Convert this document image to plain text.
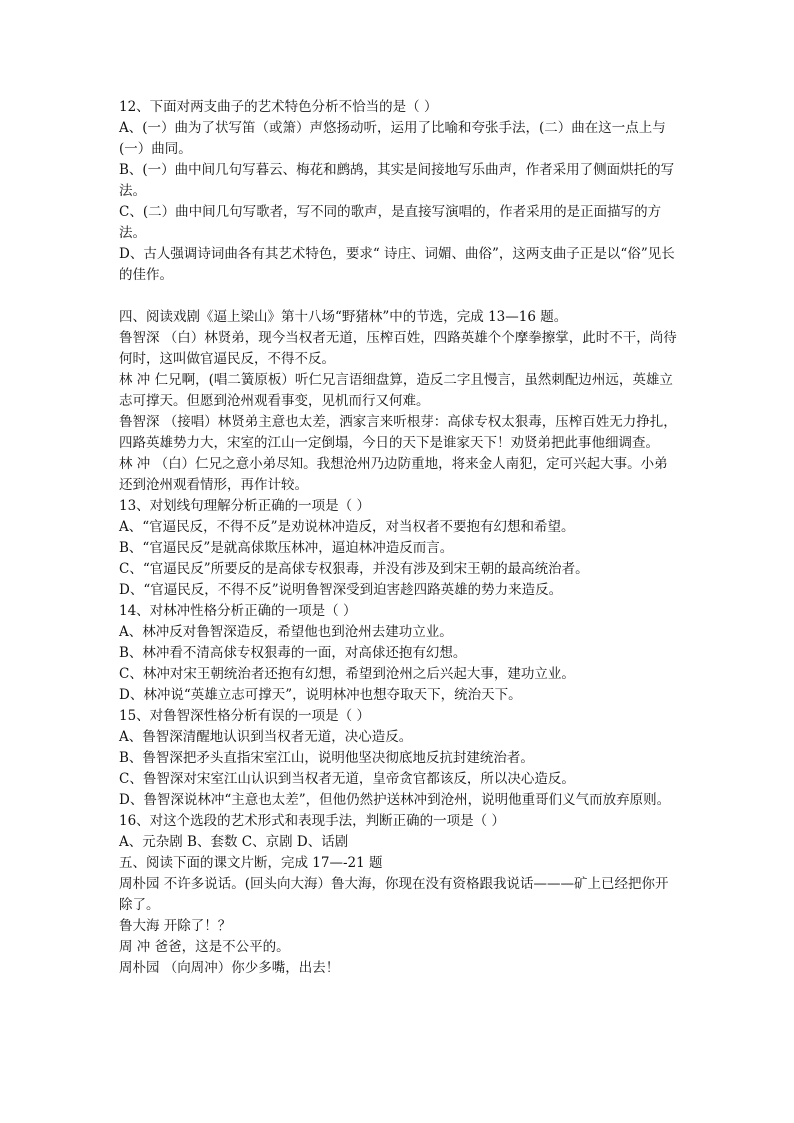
12、下面对两支曲子的艺术特色分析不恰当的是（ ）

A、(一）曲为了状写笛（或箫）声悠扬动听，运用了比喻和夸张手法，(二）曲在这一点上与(一）曲同。

B、(一）曲中间几句写暮云、梅花和鹧鸪，其实是间接地写乐曲声，作者采用了侧面烘托的写法。

C、(二）曲中间几句写歌者，写不同的歌声，是直接写演唱的，作者采用的是正面描写的方法。

D、古人强调诗词曲各有其艺术特色，要求“ 诗庄、词媚、曲俗”，这两支曲子正是以“俗”见长的佳作。

四、阅读戏剧《逼上梁山》第十八场“野猪林”中的节选，完成 13—16 题。

鲁智深 （白）林贤弟，现今当权者无道，压榨百姓，四路英雄个个摩拳擦掌，此时不干，尚待何时，这叫做官逼民反，不得不反。

林 冲 仁兄啊，(唱二簧原板）听仁兄言语细盘算，造反二字且慢言，虽然刺配边州远，英雄立志可撑天。但愿到沧州观看事变，见机而行又何难。

鲁智深 （接唱）林贤弟主意也太差，洒家言来听根芽：高俅专权太狠毒，压榨百姓无力挣扎，四路英雄势力大，宋室的江山一定倒塌，今日的天下是谁家天下！劝贤弟把此事他细调查。

林 冲 （白）仁兄之意小弟尽知。我想沧州乃边防重地，将来金人南犯，定可兴起大事。小弟还到沧州观看情形，再作计较。

13、对划线句理解分析正确的一项是（ ）

A、“官逼民反，不得不反”是劝说林冲造反，对当权者不要抱有幻想和希望。

B、“官逼民反”是就高俅欺压林冲，逼迫林冲造反而言。

C、“官逼民反”所要反的是高俅专权狠毒，并没有涉及到宋王朝的最高统治者。

D、“官逼民反，不得不反”说明鲁智深受到迫害趁四路英雄的势力来造反。

14、对林冲性格分析正确的一项是（ ）

A、林冲反对鲁智深造反，希望他也到沧州去建功立业。

B、林冲看不清高俅专权狠毒的一面，对高俅还抱有幻想。

C、林冲对宋王朝统治者还抱有幻想，希望到沧州之后兴起大事，建功立业。

D、林冲说“英雄立志可撑天”，说明林冲也想夺取天下，统治天下。

15、对鲁智深性格分析有误的一项是（ ）

A、鲁智深清醒地认识到当权者无道，决心造反。

B、鲁智深把矛头直指宋室江山，说明他坚决彻底地反抗封建统治者。

C、鲁智深对宋室江山认识到当权者无道，皇帝贪官都该反，所以决心造反。

D、鲁智深说林冲“主意也太差”，但他仍然护送林冲到沧州，说明他重哥们义气而放弃原则。

16、对这个选段的艺术形式和表现手法，判断正确的一项是（ ）

A、元杂剧 B、套数 C、京剧 D、话剧

五、阅读下面的课文片断，完成 17—-21 题

周朴园 不许多说话。(回头向大海）鲁大海，你现在没有资格跟我说话———矿上已经把你开除了。

鲁大海 开除了！？

周 冲 爸爸，这是不公平的。

周朴园 （向周冲）你少多嘴，出去！
